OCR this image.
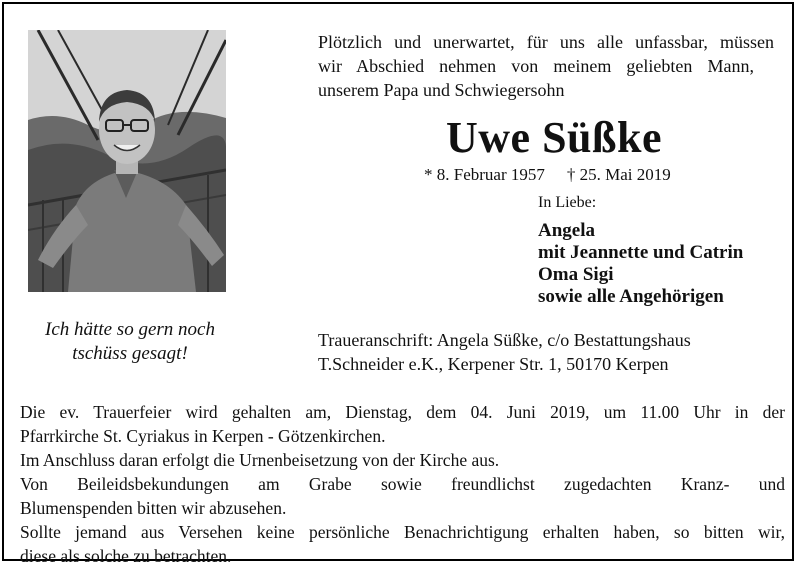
Ich hätte so gern noch
tschüss gesagt!
Plötzlich und unerwartet, für uns alle unfassbar, müssen
wir Abschied nehmen von meinem geliebten Mann,
unserem Papa und Schwiegersohn
Uwe Süßke
* 8. Februar 1957 † 25. Mai 2019
In Liebe:
Angela
mit Jeannette und Catrin
Oma Sigi
sowie alle Angehörigen
Traueranschrift: Angela Süßke, c/o Bestattungshaus
T.Schneider e.K., Kerpener Str. 1, 50170 Kerpen
Die ev. Trauerfeier wird gehalten am, Dienstag, dem 04. Juni 2019, um 11.00 Uhr in der
Pfarrkirche St. Cyriakus in Kerpen - Götzenkirchen.
Im Anschluss daran erfolgt die Urnenbeisetzung von der Kirche aus.
Von Beileidsbekundungen am Grabe sowie freundlichst zugedachten Kranz- und
Blumenspenden bitten wir abzusehen.
Sollte jemand aus Versehen keine persönliche Benachrichtigung erhalten haben, so bitten wir,
diese als solche zu betrachten.
